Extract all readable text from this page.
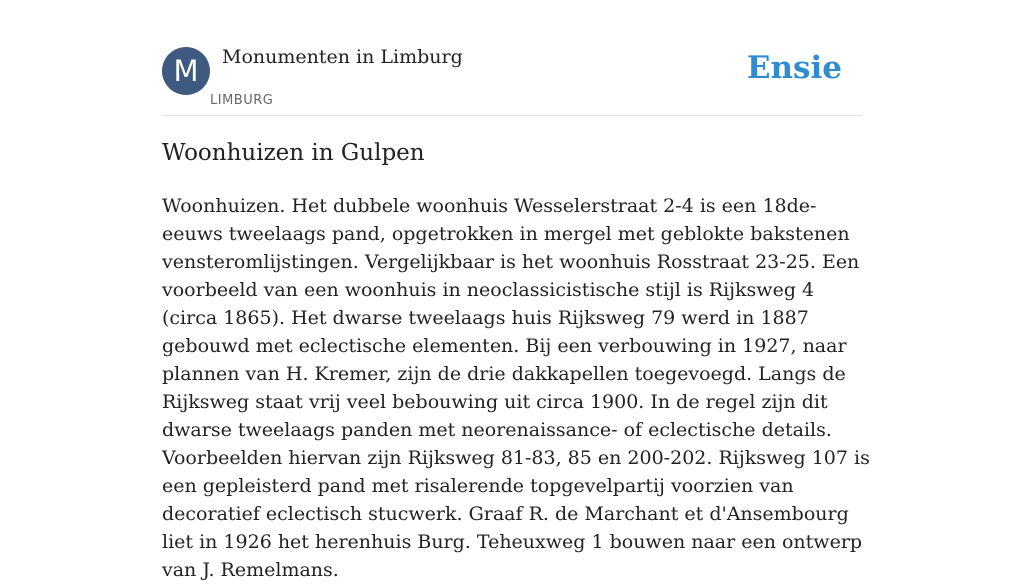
M	Monumenten in Limburg
LIMBURG
Ensie
Woonhuizen in Gulpen

Woonhuizen. Het dubbele woonhuis Wesselerstraat 2-4 is een 18de-eeuws tweelaags pand, opgetrokken in mergel met geblokte bakstenen vensteromlijstingen. Vergelijkbaar is het woonhuis Rosstraat 23-25. Een voorbeeld van een woonhuis in neoclassicistische stijl is Rijksweg 4 (circa 1865). Het dwarse tweelaags huis Rijksweg 79 werd in 1887 gebouwd met eclectische elementen. Bij een verbouwing in 1927, naar plannen van H. Kremer, zijn de drie dakkapellen toegevoegd. Langs de Rijksweg staat vrij veel bebouwing uit circa 1900. In de regel zijn dit dwarse tweelaags panden met neorenaissance- of eclectische details. Voorbeelden hiervan zijn Rijksweg 81-83, 85 en 200-202. Rijksweg 107 is een gepleisterd pand met risalerende topgevelpartij voorzien van decoratief eclectisch stucwerk. Graaf R. de Marchant et d'Ansembourg liet in 1926 het herenhuis Burg. Teheuxweg 1 bouwen naar een ontwerp van J. Remelmans.
